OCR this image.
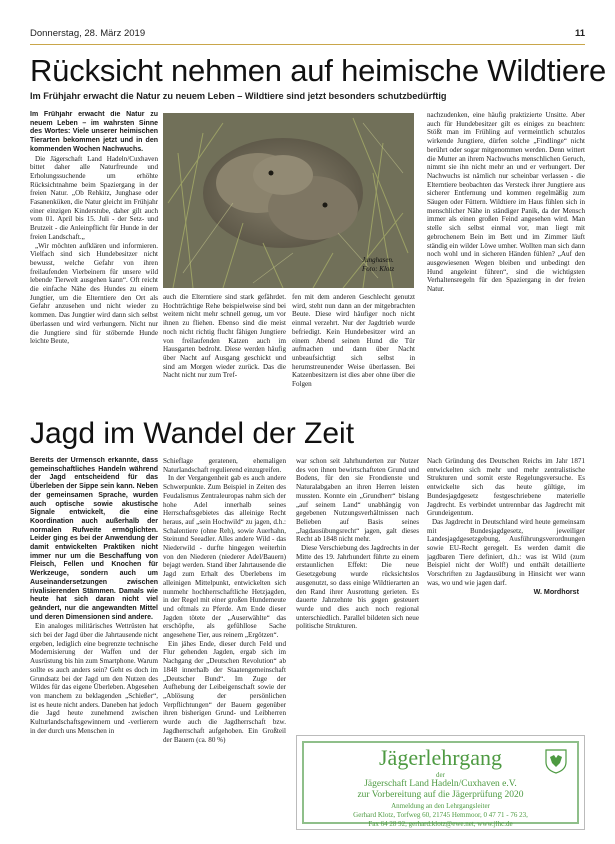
Donnerstag, 28. März 2019	11
Rücksicht nehmen auf heimische Wildtiere
Im Frühjahr erwacht die Natur zu neuem Leben – Wildtiere sind jetzt besonders schutzbedürftig
Im Frühjahr erwacht die Natur zu neuem Leben – im wahrsten Sinne des Wortes: Viele unserer heimischen Tierarten bekommen jetzt und in den kommenden Wochen Nachwuchs.

Die Jägerschaft Land Hadeln/Cuxhaven bittet daher alle Naturfreunde und Erholungssuchende um erhöhte Rücksichtnahme beim Spaziergang in der freien Natur. „Ob Rehkitz, Junghase oder Fasanenküken, die Natur gleicht im Frühjahr einer einzigen Kinderstube, daher gilt auch vom 01. April bis 15. Juli - der Setz- und Brutzeit - die Anleinpflicht für Hunde in der freien Landschaft.„

„Wir möchten aufklären und informieren. Vielfach sind sich Hundebesitzer nicht bewusst, welche Gefahr von ihren freilaufenden Vierbeinern für unsere wild lebende Tierwelt ausgehen kann“. Oft reicht die einfache Nähe des Hundes zu einem Jungtier, um die Elterntiere den Ort als Gefahr anzusehen und nicht wieder zu kommen. Das Jungtier wird dann sich selbst überlassen und wird verhungern. Nicht nur die Jungtiere sind für stöbernde Hunde leichte Beute,

Junghasen.
Foto: Klotz
auch die Elterntiere sind stark gefährdet. Hochträchtige Rehe beispielweise sind bei weitem nicht mehr schnell genug, um vor ihnen zu fliehen. Ebenso sind die meist noch nicht richtig flucht fähigen Jungtiere von freilaufenden Katzen auch im Hausgarten bedroht. Diese werden häufig über Nacht auf Ausgang geschickt und sind am Morgen wieder zurück. Das die Nacht nicht nur zum Tref-
fen mit dem anderen Geschlecht genutzt wird, steht nun dann an der mitgebrachten Beute. Diese wird häufiger noch nicht einmal verzehrt. Nur der Jagdtrieb wurde befriedigt. Kein Hundebesitzer wird an einem Abend seinen Hund die Tür aufmachen und dann über Nacht unbeaufsichtigt sich selbst in herumstreunender Weise überlassen. Bei Katzenbesitzern ist dies aber ohne über die Folgen
nachzudenken, eine häufig praktizierte Unsitte. Aber auch für Hundebesitzer gilt es einiges zu beachten: Stößt man im Frühling auf vermeintlich schutzlos wirkende Jungtiere, dürfen solche „Findlinge“ nicht berührt oder sogar mitgenommen werden. Denn wittert die Mutter an ihrem Nachwuchs menschlichen Geruch, nimmt sie ihn nicht mehr an und er verhungert. Der Nachwuchs ist nämlich nur scheinbar verlassen - die Elterntiere beobachten das Versteck ihrer Jungtiere aus sicherer Entfernung und kommen regelmäßig zum Säugen oder Füttern. Wildtiere im Haus fühlen sich in menschlicher Nähe in ständiger Panik, da der Mensch immer als einen großen Feind angesehen wird. Man stelle sich selbst einmal vor, man liegt mit gebrochenem Bein im Bett und im Zimmer läuft ständig ein wilder Löwe umher. Wollten man sich dann noch wohl und in sicheren Händen fühlen? „Auf den ausgewiesenen Wegen bleiben und unbedingt den Hund angeleint führen“, sind die wichtigsten Verhaltensregeln für den Spaziergang in der freien Natur.
Jagd im Wandel der Zeit
Bereits der Urmensch erkannte, dass gemeinschaftliches Handeln während der Jagd entscheidend für das Überleben der Sippe sein kann. Neben der gemeinsamen Sprache, wurden auch optische sowie akustische Signale entwickelt, die eine Koordination auch außerhalb der normalen Rufweite ermöglichten. Leider ging es bei der Anwendung der damit entwickelten Praktiken nicht immer nur um die Beschaffung von Fleisch, Fellen und Knochen für Werkzeuge, sondern auch um Auseinandersetzungen zwischen rivalisierenden Stämmen. Damals wie heute hat sich daran nicht viel geändert, nur die angewandten Mittel und deren Dimensionen sind andere.

Ein analoges militärisches Wettrüsten hat sich bei der Jagd über die Jahrtausende nicht ergeben, lediglich eine begrenzte technische Modernisierung der Waffen und der Ausrüstung bis hin zum Smartphone. Warum sollte es auch anders sein? Geht es doch im Grundsatz bei der Jagd um den Nutzen des Wildes für das eigene Überleben. Abgesehen von manchem zu beklagenden „Schießer“, ist es heute nicht anders. Daneben hat jedoch die Jagd heute zunehmend zwischen Kulturlandschaftsgewinnern und -verlierern in der durch uns Menschen in

Schieflage geratenen, ehemaligen Naturlandschaft regulierend einzugreifen.

In der Vergangenheit gab es auch andere Schwerpunkte. Zum Beispiel in Zeiten des Feudalismus Zentraleuropas nahm sich der hohe Adel innerhalb seines Herrschaftsgebietes das alleinige Recht heraus, auf „sein Hochwild“ zu jagen, d.h.: Schalentiere (ohne Reh), sowie Auerhahn, Steinund Seeadler. Alles andere Wild - das Niederwild - durfte hingegen weiterhin von den Niederen (niederer Adel/Bauern) bejagt werden. Stand über Jahrtausende die Jagd zum Erhalt des Überlebens im alleinigen Mittelpunkt, entwickelten sich nunmehr hochherrschaftliche Hetzjagden, in der Regel mit einer großen Hundemeute und oftmals zu Pferde. Am Ende dieser Jagden tötete der „Auserwählte“ das erschöpfte, als gefühllose Sache angesehene Tier, aus reinem „Ergötzen“.

Ein jähes Ende, dieser durch Feld und Flur gehenden Jagden, ergab sich im Nachgang der „Deutschen Revolution“ ab 1848 innerhalb der Staatengemeinschaft „Deutscher Bund“. Im Zuge der Aufhebung der Leibeigenschaft sowie der „Ablösung der persönlichen Verpflichtungen“ der Bauern gegenüber ihren bisherigen Grund- und Leibherren wurde auch die Jagdherrschaft bzw. Jagdherrschaft aufgehoben. Ein Großteil der Bauern (ca. 80 %)

war schon seit Jahrhunderten zur Nutzer des von ihnen bewirtschafteten Grund und Bodens, für den sie Frondienste und Naturalabgaben an ihren Herren leisten mussten. Konnte ein „Grundherr“ bislang „auf seinem Land“ unabhängig von gegebenen Nutzungsverhältnissen nach Belieben auf Basis seines „Jagdausübungsrecht“ jagen, galt dieses Recht ab 1848 nicht mehr.

Diese Verschiebung des Jagdrechts in der Mitte des 19. Jahrhundert führte zu einem erstaunlichen Effekt: Die neue Gesetzgebung wurde rücksichtslos ausgenutzt, so dass einige Wildtierarten an den Rand ihrer Ausrottung gerieten. Es dauerte Jahrzehnte bis gegen gesteuert wurde und dies auch noch regional unterschiedlich. Parallel bildeten sich neue politische Strukturen.

Nach Gründung des Deutschen Reichs im Jahr 1871 entwickelten sich mehr und mehr zentralistische Strukturen und somit erste Regelungsversuche. Es entwickelte sich das heute gültige, im Bundesjagdgesetz festgeschriebene materielle Jagdrecht. Es verbindet untrennbar das Jagdrecht mit Grundeigentum.

Das Jagdrecht in Deutschland wird heute gemeinsam mit Bundesjagdgesetz, jeweiliger Landesjagdgesetzgebung, Ausführungsverordnungen sowie EU-Recht geregelt. Es werden damit die jagdbaren Tiere definiert, d.h.: was ist Wild (zum Beispiel nicht der Wolf!) und enthält detaillierte Vorschriften zu Jagdausübung in Hinsicht wer wann was, wo und wie jagen darf.

W. Mordhorst
Jägerlehrgang
der
Jägerschaft Land Hadeln/Cuxhaven e.V.
zur Vorbereitung auf die Jägerprüfung 2020
Anmeldung an den Lehrgangsleiter
Gerhard Klotz, Torfweg 60, 21745 Hemmoor, 0 47 71 - 76 23,
Fax 64 28 92, gerhard.klotz@ewe.net, www.jlhc.de
